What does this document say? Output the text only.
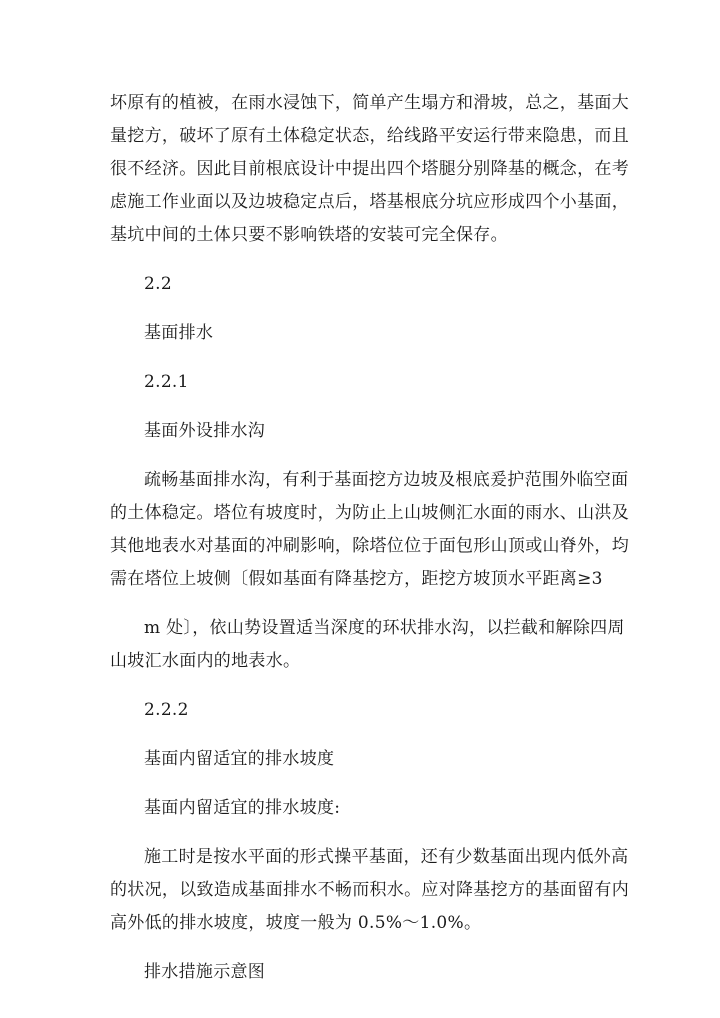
坏原有的植被，在雨水浸蚀下，简单产生塌方和滑坡，总之，基面大
量挖方，破坏了原有土体稳定状态，给线路平安运行带来隐患，而且
很不经济。因此目前根底设计中提出四个塔腿分别降基的概念，在考
虑施工作业面以及边坡稳定点后，塔基根底分坑应形成四个小基面，
基坑中间的土体只要不影响铁塔的安装可完全保存。
2.2
基面排水
2.2.1
基面外设排水沟
疏畅基面排水沟，有利于基面挖方边坡及根底爰护范围外临空面
的土体稳定。塔位有坡度时，为防止上山坡侧汇水面的雨水、山洪及
其他地表水对基面的冲刷影响，除塔位位于面包形山顶或山脊外，均
需在塔位上坡侧〔假如基面有降基挖方，距挖方坡顶水平距离≥3
m 处〕，依山势设置适当深度的环状排水沟，以拦截和解除四周
山坡汇水面内的地表水。
2.2.2
基面内留适宜的排水坡度
基面内留适宜的排水坡度:
施工时是按水平面的形式操平基面，还有少数基面出现内低外高
的状况，以致造成基面排水不畅而积水。应对降基挖方的基面留有内
高外低的排水坡度，坡度一般为 0.5%～1.0%。
排水措施示意图
